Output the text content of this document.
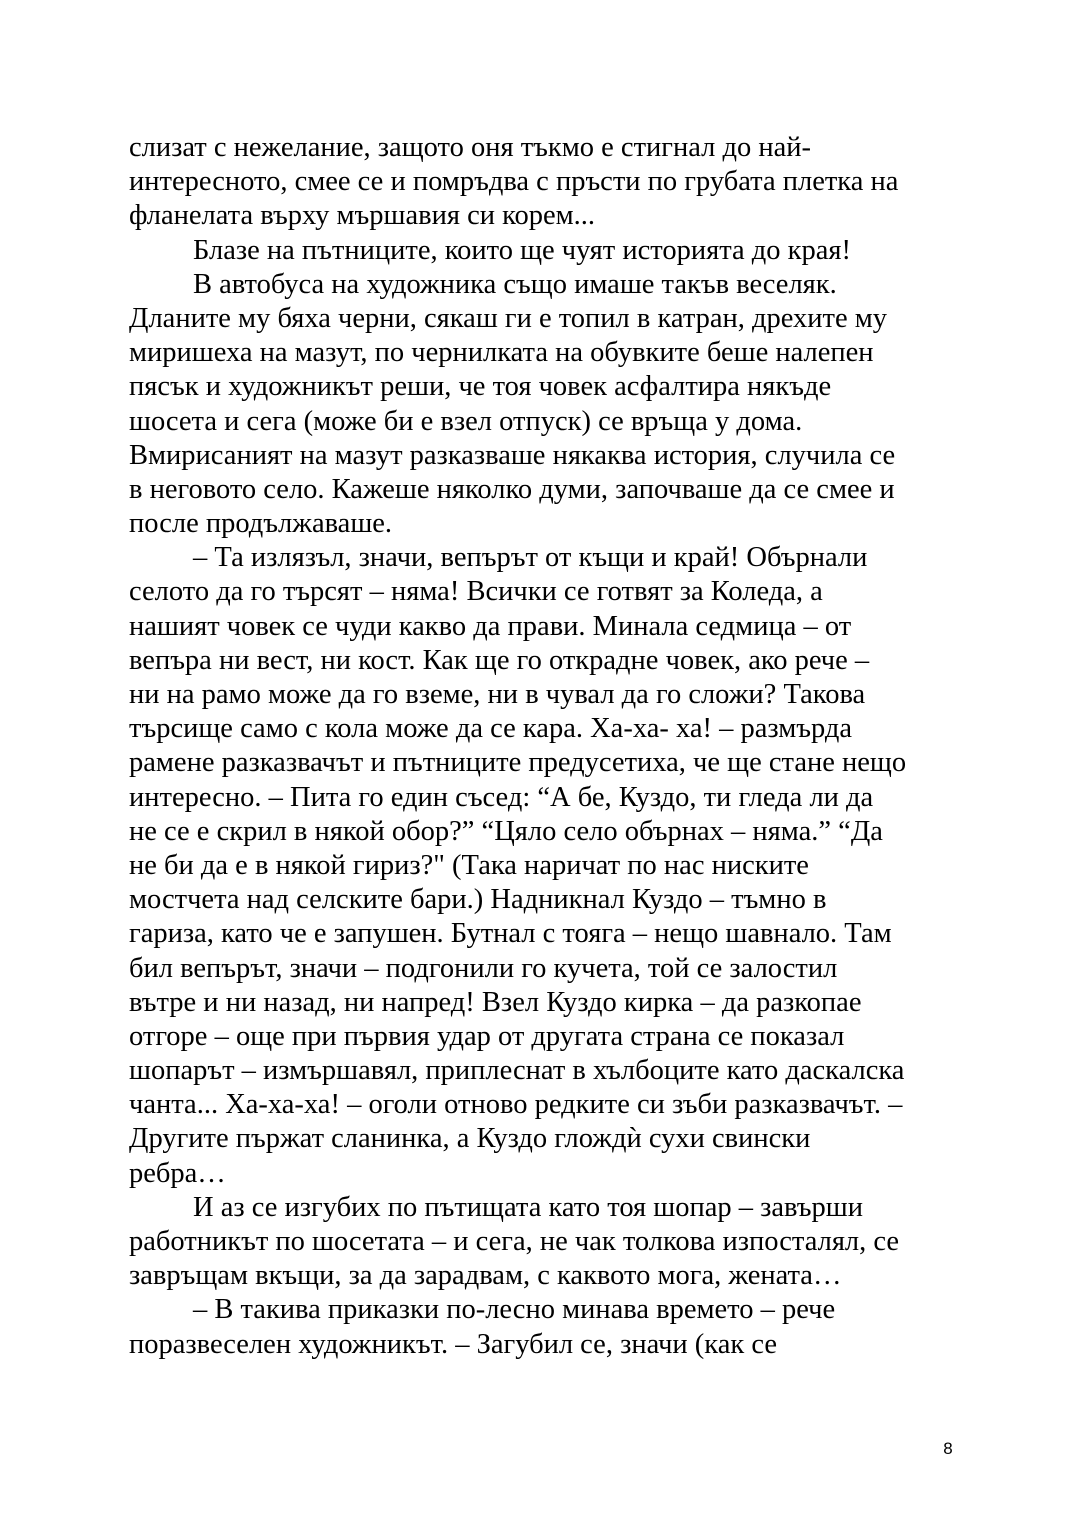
слизат с нежелание, защото оня тъкмо е стигнал до най-
интересното, смее се и помръдва с пръсти по грубата плетка на
фланелата върху мършавия си корем...
Блазе на пътниците, които ще чуят историята до края!
В автобуса на художника също имаше такъв веселяк.
Дланите му бяха черни, сякаш ги е топил в катран, дрехите му
миришеха на мазут, по чернилката на обувките беше налепен
пясък и художникът реши, че тоя човек асфалтира някъде
шосета и сега (може би е взел отпуск) се връща у дома.
Вмирисаният на мазут разказваше някаква история, случила се
в неговото село. Кажеше няколко думи, започваше да се смее и
после продължаваше.
– Та излязъл, значи, вепърът от къщи и край! Обърнали
селото да го търсят – няма! Всички се готвят за Коледа, а
нашият човек се чуди какво да прави. Минала седмица – от
вепъра ни вест, ни кост. Как ще го открадне човек, ако рече –
ни на рамо може да го вземе, ни в чувал да го сложи? Такова
търсище само с кола може да се кара. Ха-ха- ха! – размърда
рамене разказвачът и пътниците предусетиха, че ще стане нещо
интересно. – Пита го един съсед: “А бе, Куздо, ти гледа ли да
не се е скрил в някой обор?” “Цяло село обърнах – няма.” “Да
не би да е в някой гириз?" (Така наричат по нас ниските
мостчета над селските бари.) Надникнал Куздо – тъмно в
гариза, като че е запушен. Бутнал с тояга – нещо шавнало. Там
бил вепърът, значи – подгонили го кучета, той се залостил
вътре и ни назад, ни напред! Взел Куздо кирка – да разкопае
отгоре – още при първия удар от другата страна се показал
шопарът – измършавял, приплеснат в хълбоците като даскалска
чанта... Ха-ха-ха! – оголи отново редките си зъби разказвачът. –
Другите пържат сланинка, а Куздо глождѝ сухи свински
ребра…
И аз се изгубих по пътищата като тоя шопар – завърши
работникът по шосетата – и сега, не чак толкова изпосталял, се
завръщам вкъщи, за да зарадвам, с каквото мога, жената…
– В такива приказки по-лесно минава времето – рече
поразвеселен художникът. – Загубил се, значи (как се
8
